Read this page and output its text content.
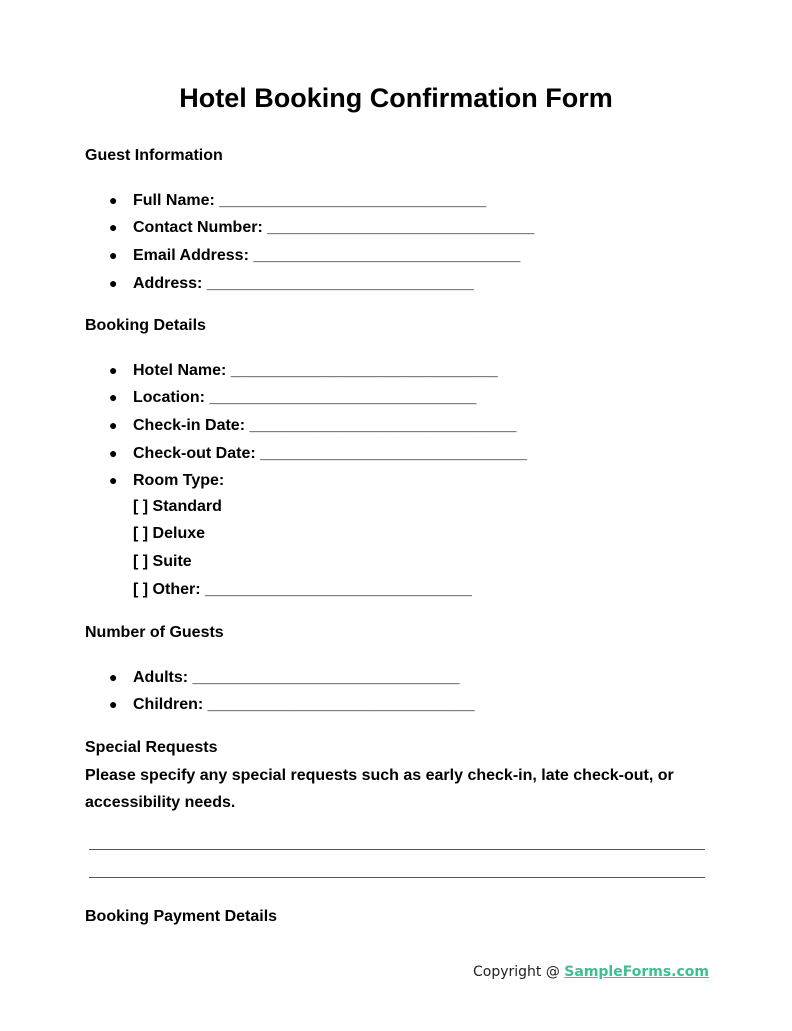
Hotel Booking Confirmation Form
Guest Information
● Full Name: ______________________________
● Contact Number: ______________________________
● Email Address: ______________________________
● Address: ______________________________
Booking Details
● Hotel Name: ______________________________
● Location: ______________________________
● Check-in Date: ______________________________
● Check-out Date: ______________________________
● Room Type:
[ ] Standard
[ ] Deluxe
[ ] Suite
[ ] Other: ______________________________
Number of Guests
● Adults: ______________________________
● Children: ______________________________
Special Requests

Please specify any special requests such as early check-in, late check-out, or accessibility needs.

Booking Payment Details
Copyright @ SampleForms.com
